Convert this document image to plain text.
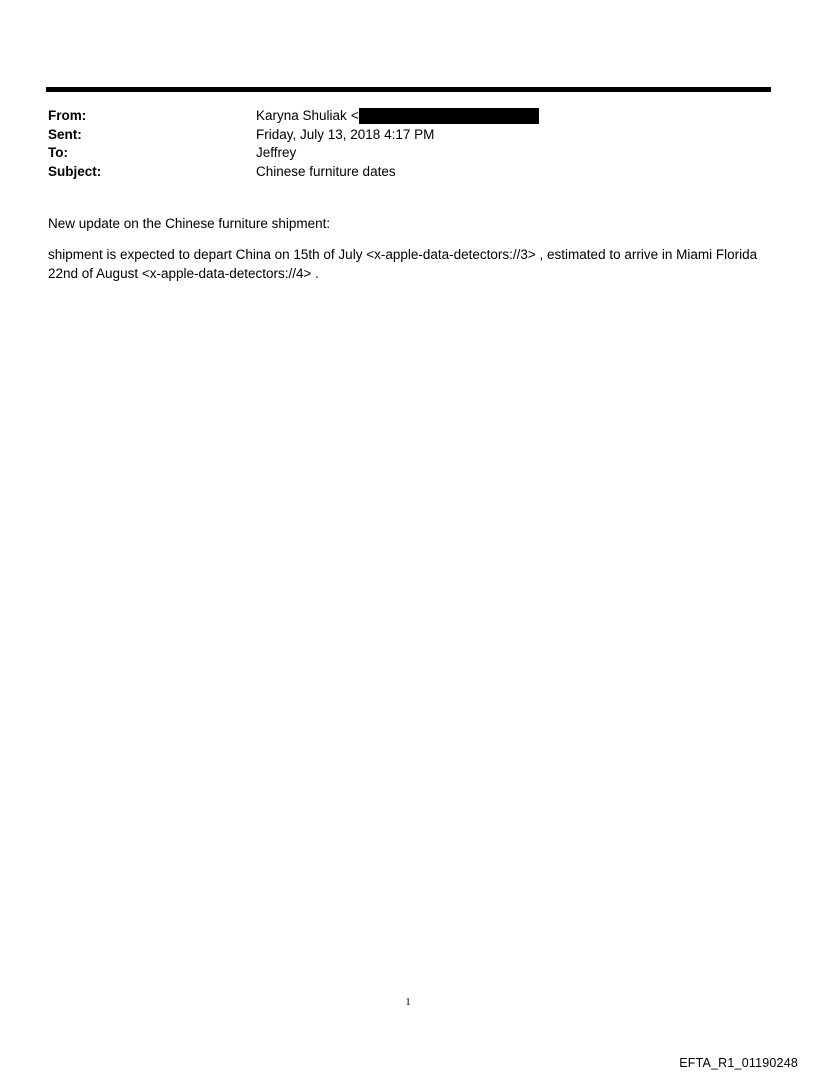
From:	Karyna Shuliak <
Sent:	Friday, July 13, 2018 4:17 PM
To:	Jeffrey
Subject:	Chinese furniture dates

New update on the Chinese furniture shipment:

shipment is expected to depart China on 15th of July <x-apple-data-detectors://3> , estimated to arrive in Miami Florida 22nd of August <x-apple-data-detectors://4> .

1
EFTA_R1_01190248
